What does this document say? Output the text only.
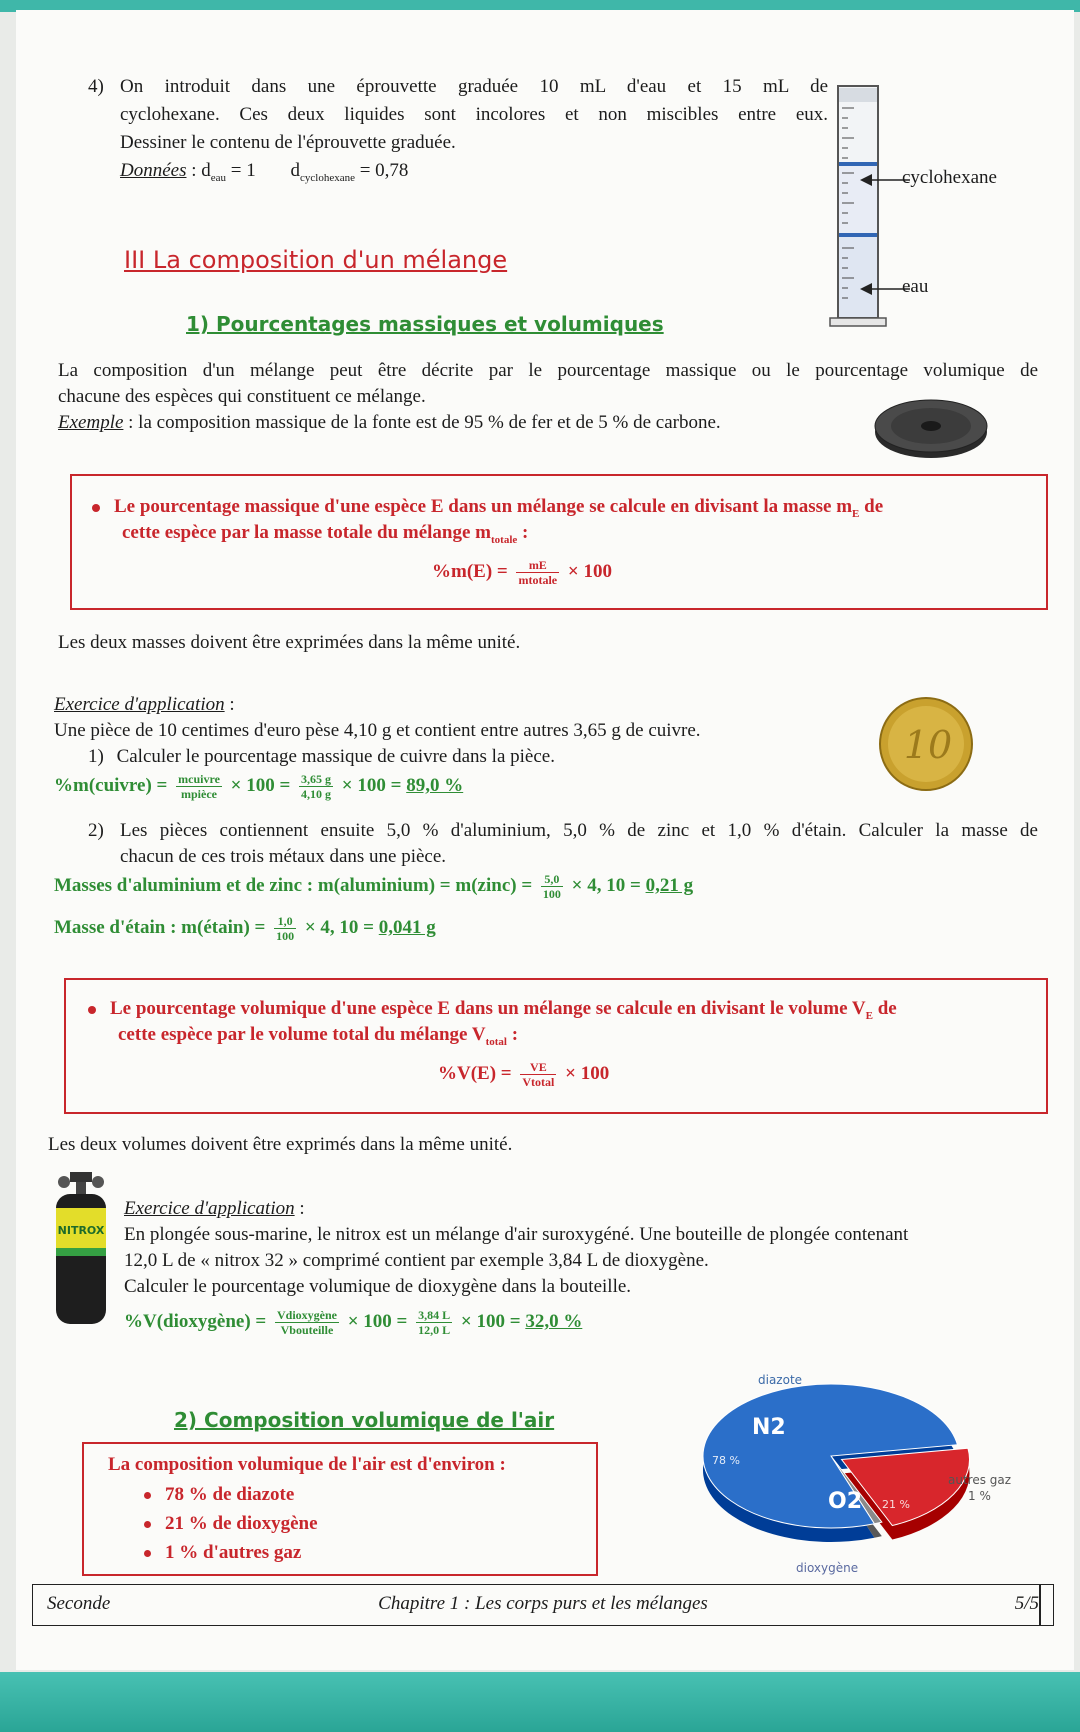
4) On introduit dans une éprouvette graduée 10 mL d'eau et 15 mL de
cyclohexane. Ces deux liquides sont incolores et non miscibles entre eux.
Dessiner le contenu de l'éprouvette graduée.
Données : $d_{eau} = 1$ $d_{cyclohexane} = 0,78$	cyclohexane
eau
III La composition d'un mélange
1) Pourcentages massiques et volumiques
La composition d'un mélange peut être décrite par le pourcentage massique ou le pourcentage volumique de
chacune des espèces qui constituent ce mélange.
Exemple : la composition massique de la fonte est de 95 % de fer et de 5 % de carbone.
Le pourcentage massique d'une espèce E dans un mélange se calcule en divisant la masse $m_E$ de
cette espèce par la masse totale du mélange $m_{totale}$ :
$\%m(E) = \frac{mE}{\text{mtotale}} \times 100$
Les deux masses doivent être exprimées dans la même unité.
Exercice d'application :
Une pièce de 10 centimes d'euro pèse 4,10 g et contient entre autres 3,65 g de cuivre.
1) Calculer le pourcentage massique de cuivre dans la pièce.
%m(cuivre) = $\frac{\text{mcuivre}}{\text{mpièce}} \times 100 = \frac{3,65 g}{4,10 g} \times 100 = 89,0$ %
2) Les pièces contiennent ensuite 5,0 % d'aluminium, 5,0 % de zinc et 1,0 % d'étain. Calculer la masse de
chacun de ces trois métaux dans une pièce.
Masses d'aluminium et de zinc : m(aluminium) = m(zinc) = $\frac{5,0}{100} \times 4$, 10 = 0,21 g
Masse d'étain : m(étain) = $\frac{1,0}{100} \times 4$, 10 = 0,041 g
10
Le pourcentage volumique d'une espèce E dans un mélange se calcule en divisant le volume $V_E$ de
cette espèce par le volume total du mélange $V_{total}$ :
$\%V(E) = \frac{VE}{\text{Vtotal}} \times 100$
Les deux volumes doivent être exprimés dans la même unité.
NITROX
Exercice d'application :
En plongée sous-marine, le nitrox est un mélange d'air suroxygéné. Une bouteille de plongée contenant
12,0 L de « nitrox 32 » comprimé contient par exemple 3,84 L de dioxygène.
Calculer le pourcentage volumique de dioxygène dans la bouteille.
%V(dioxygène) = $\frac{\text{Vdioxygène}}{\text{Vbouteille}} \times 100 = \frac{3,84 L}{12,0 L} \times 100 = 32,0$ %
2) Composition volumique de l'air
La composition volumique de l'air est d'environ :
78 % de diazote
21 % de dioxygène
1 % d'autres gaz
diazote
N2
78 %
O2 21 %
dioxygène
autres gaz
1 %
Seconde	Chapitre 1 : Les corps purs et les mélanges	5/5
